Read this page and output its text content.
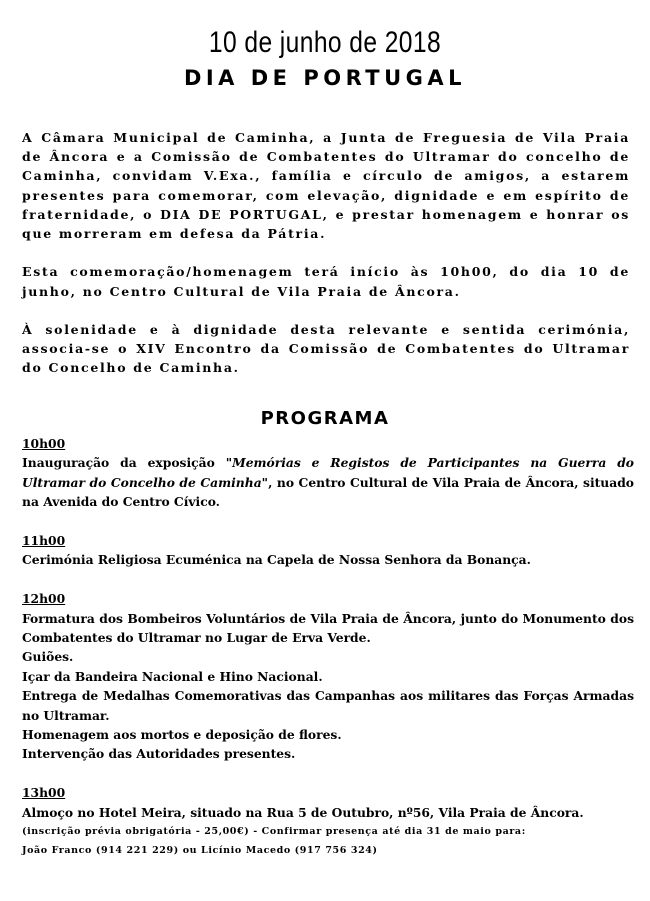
10 de junho de 2018
DIA DE PORTUGAL

A Câmara Municipal de Caminha, a Junta de Freguesia de Vila Praia de Âncora e a Comissão de Combatentes do Ultramar do concelho de Caminha, convidam V.Exa., família e círculo de amigos, a estarem presentes para comemorar, com elevação, dignidade e em espírito de fraternidade, o DIA DE PORTUGAL, e prestar homenagem e honrar os que morreram em defesa da Pátria.

Esta comemoração/homenagem terá início às 10h00, do dia 10 de junho, no Centro Cultural de Vila Praia de Âncora.

À solenidade e à dignidade desta relevante e sentida cerimónia, associa-se o XIV Encontro da Comissão de Combatentes do Ultramar do Concelho de Caminha.

PROGRAMA
10h00
Inauguração da exposição "Memórias e Registos de Participantes na Guerra do Ultramar do Concelho de Caminha", no Centro Cultural de Vila Praia de Âncora, situado na Avenida do Centro Cívico.
11h00
Cerimónia Religiosa Ecuménica na Capela de Nossa Senhora da Bonança.
12h00
Formatura dos Bombeiros Voluntários de Vila Praia de Âncora, junto do Monumento dos Combatentes do Ultramar no Lugar de Erva Verde.
Guiões.
Içar da Bandeira Nacional e Hino Nacional.
Entrega de Medalhas Comemorativas das Campanhas aos militares das Forças Armadas no Ultramar.
Homenagem aos mortos e deposição de flores.
Intervenção das Autoridades presentes.
13h00
Almoço no Hotel Meira, situado na Rua 5 de Outubro, nº56, Vila Praia de Âncora.
(inscrição prévia obrigatória - 25,00€) - Confirmar presença até dia 31 de maio para:
João Franco (914 221 229) ou Licínio Macedo (917 756 324)
